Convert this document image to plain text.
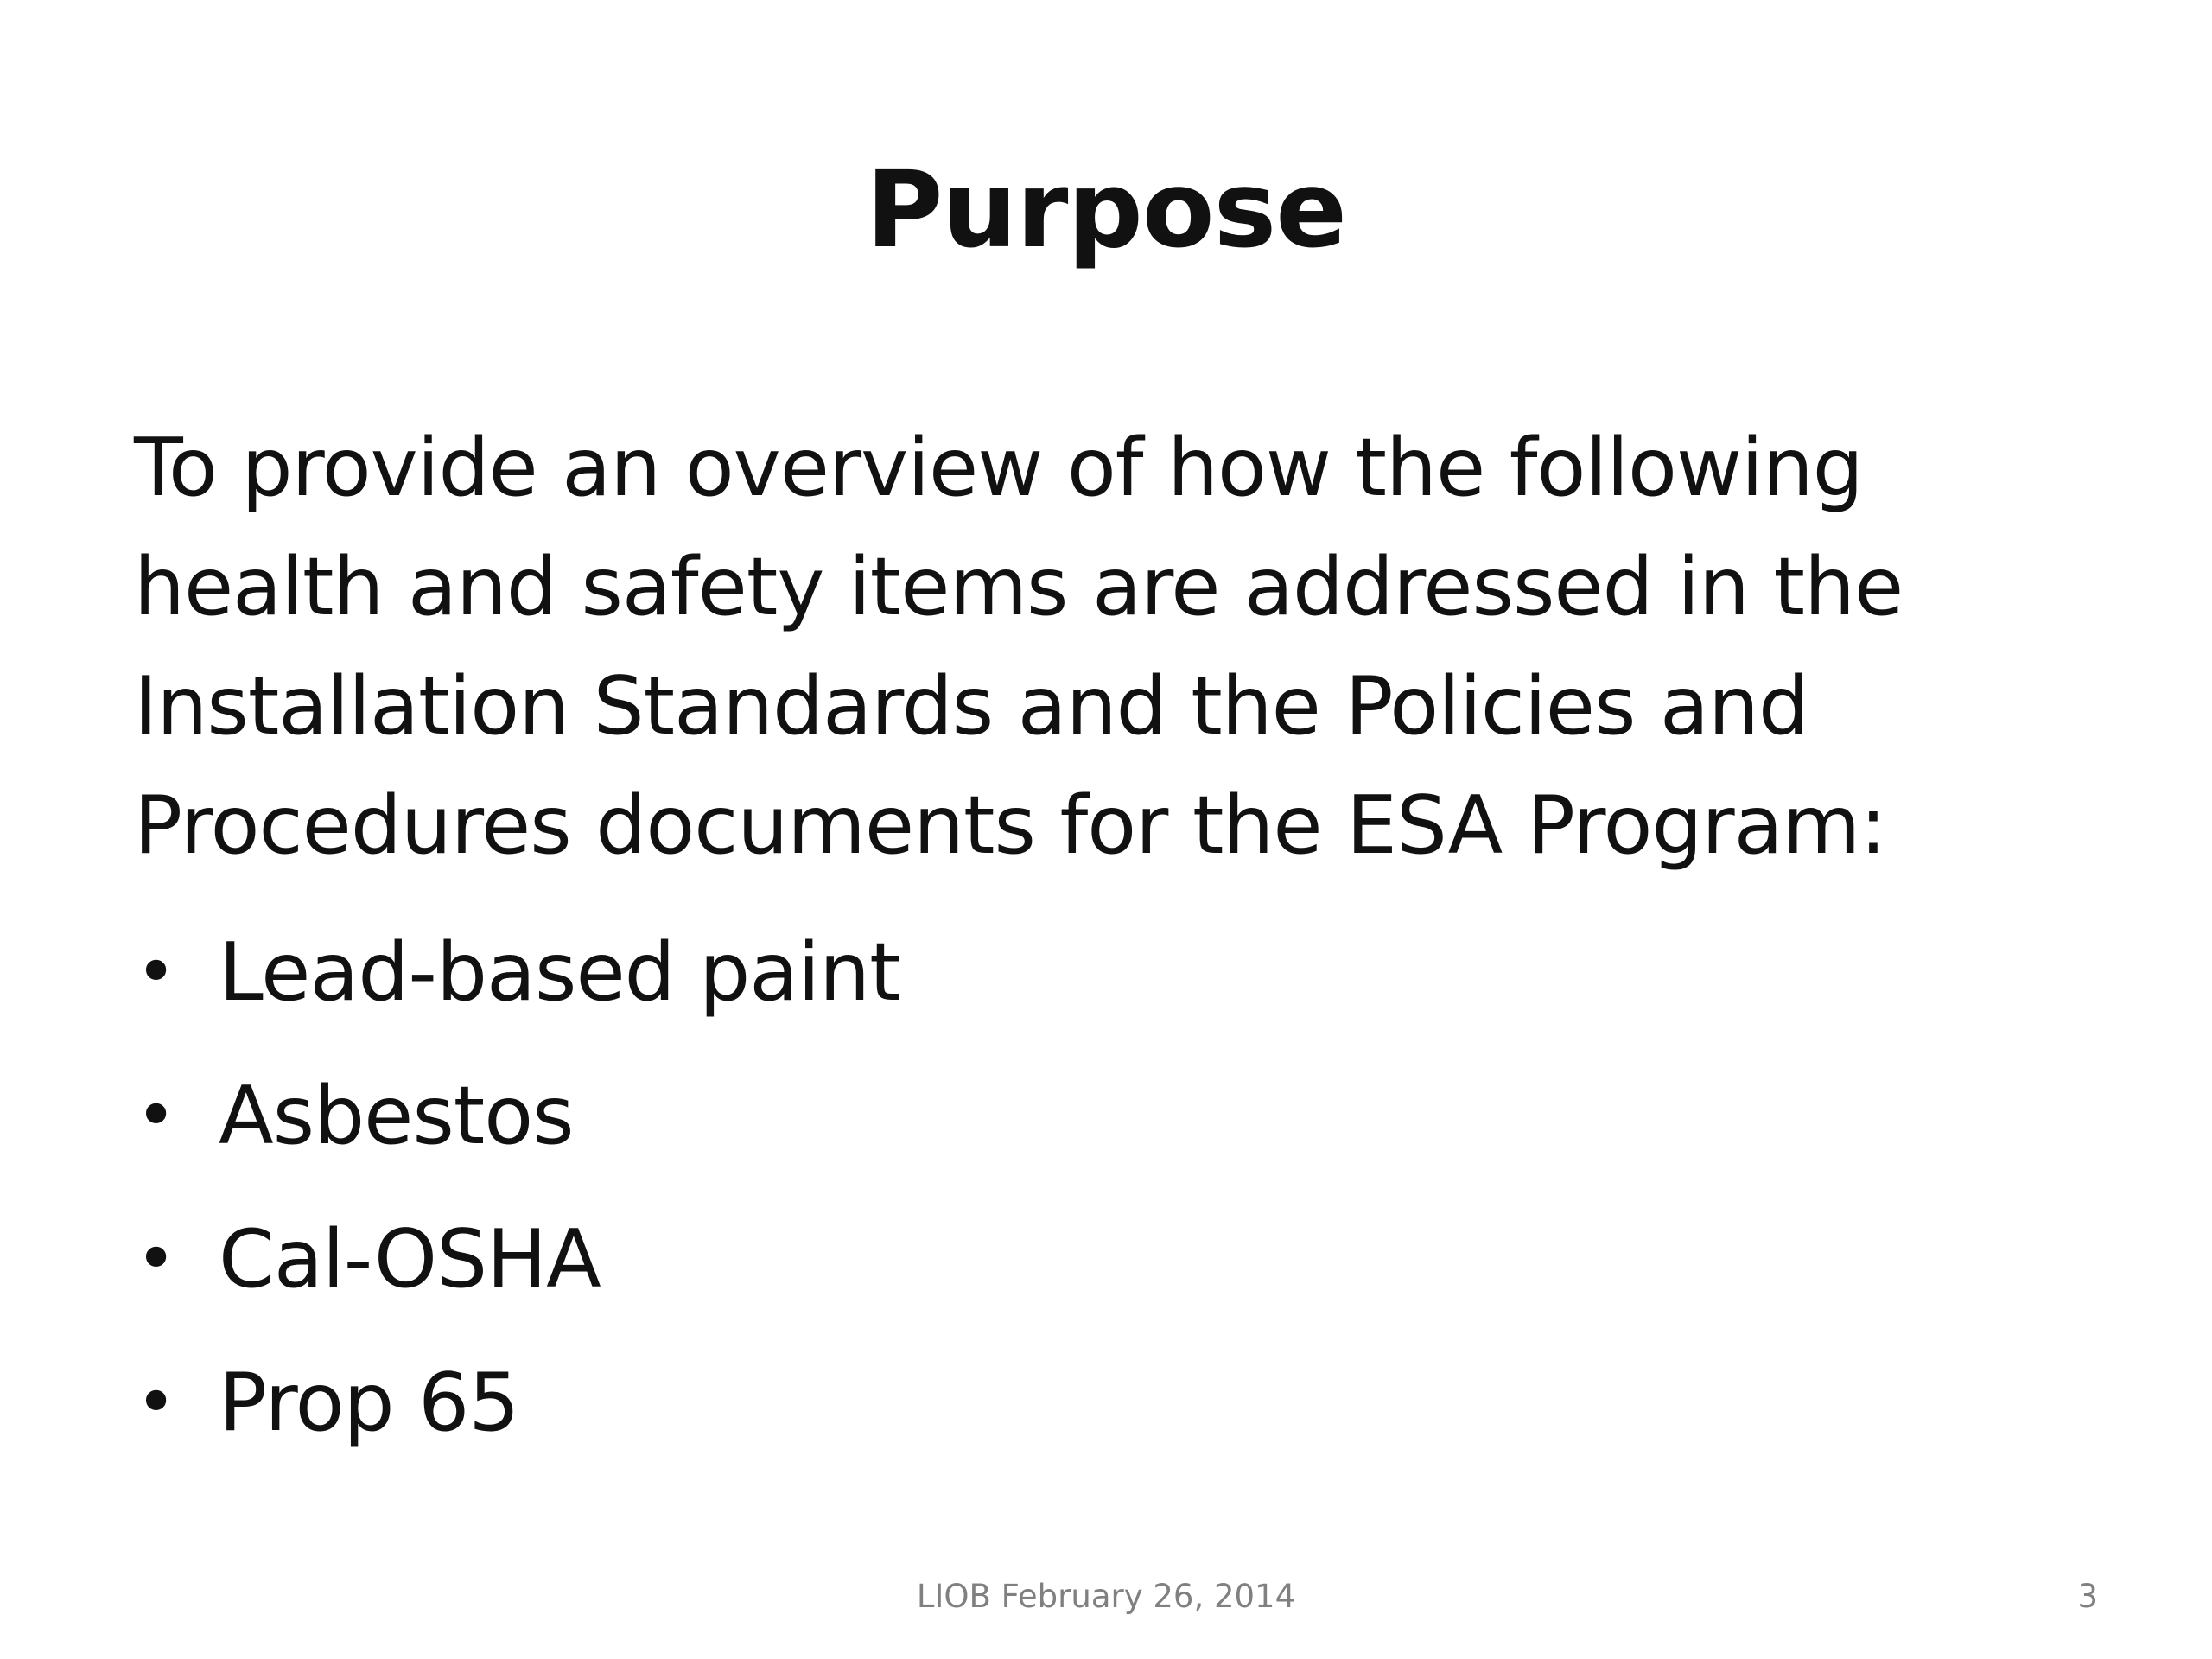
Purpose

To provide an overview of how the following
health and safety items are addressed in the
Installation Standards and the Policies and
Procedures documents for the ESA Program:

• Lead-based paint
• Asbestos
• Cal-OSHA
• Prop 65
LIOB February 26, 2014	3
